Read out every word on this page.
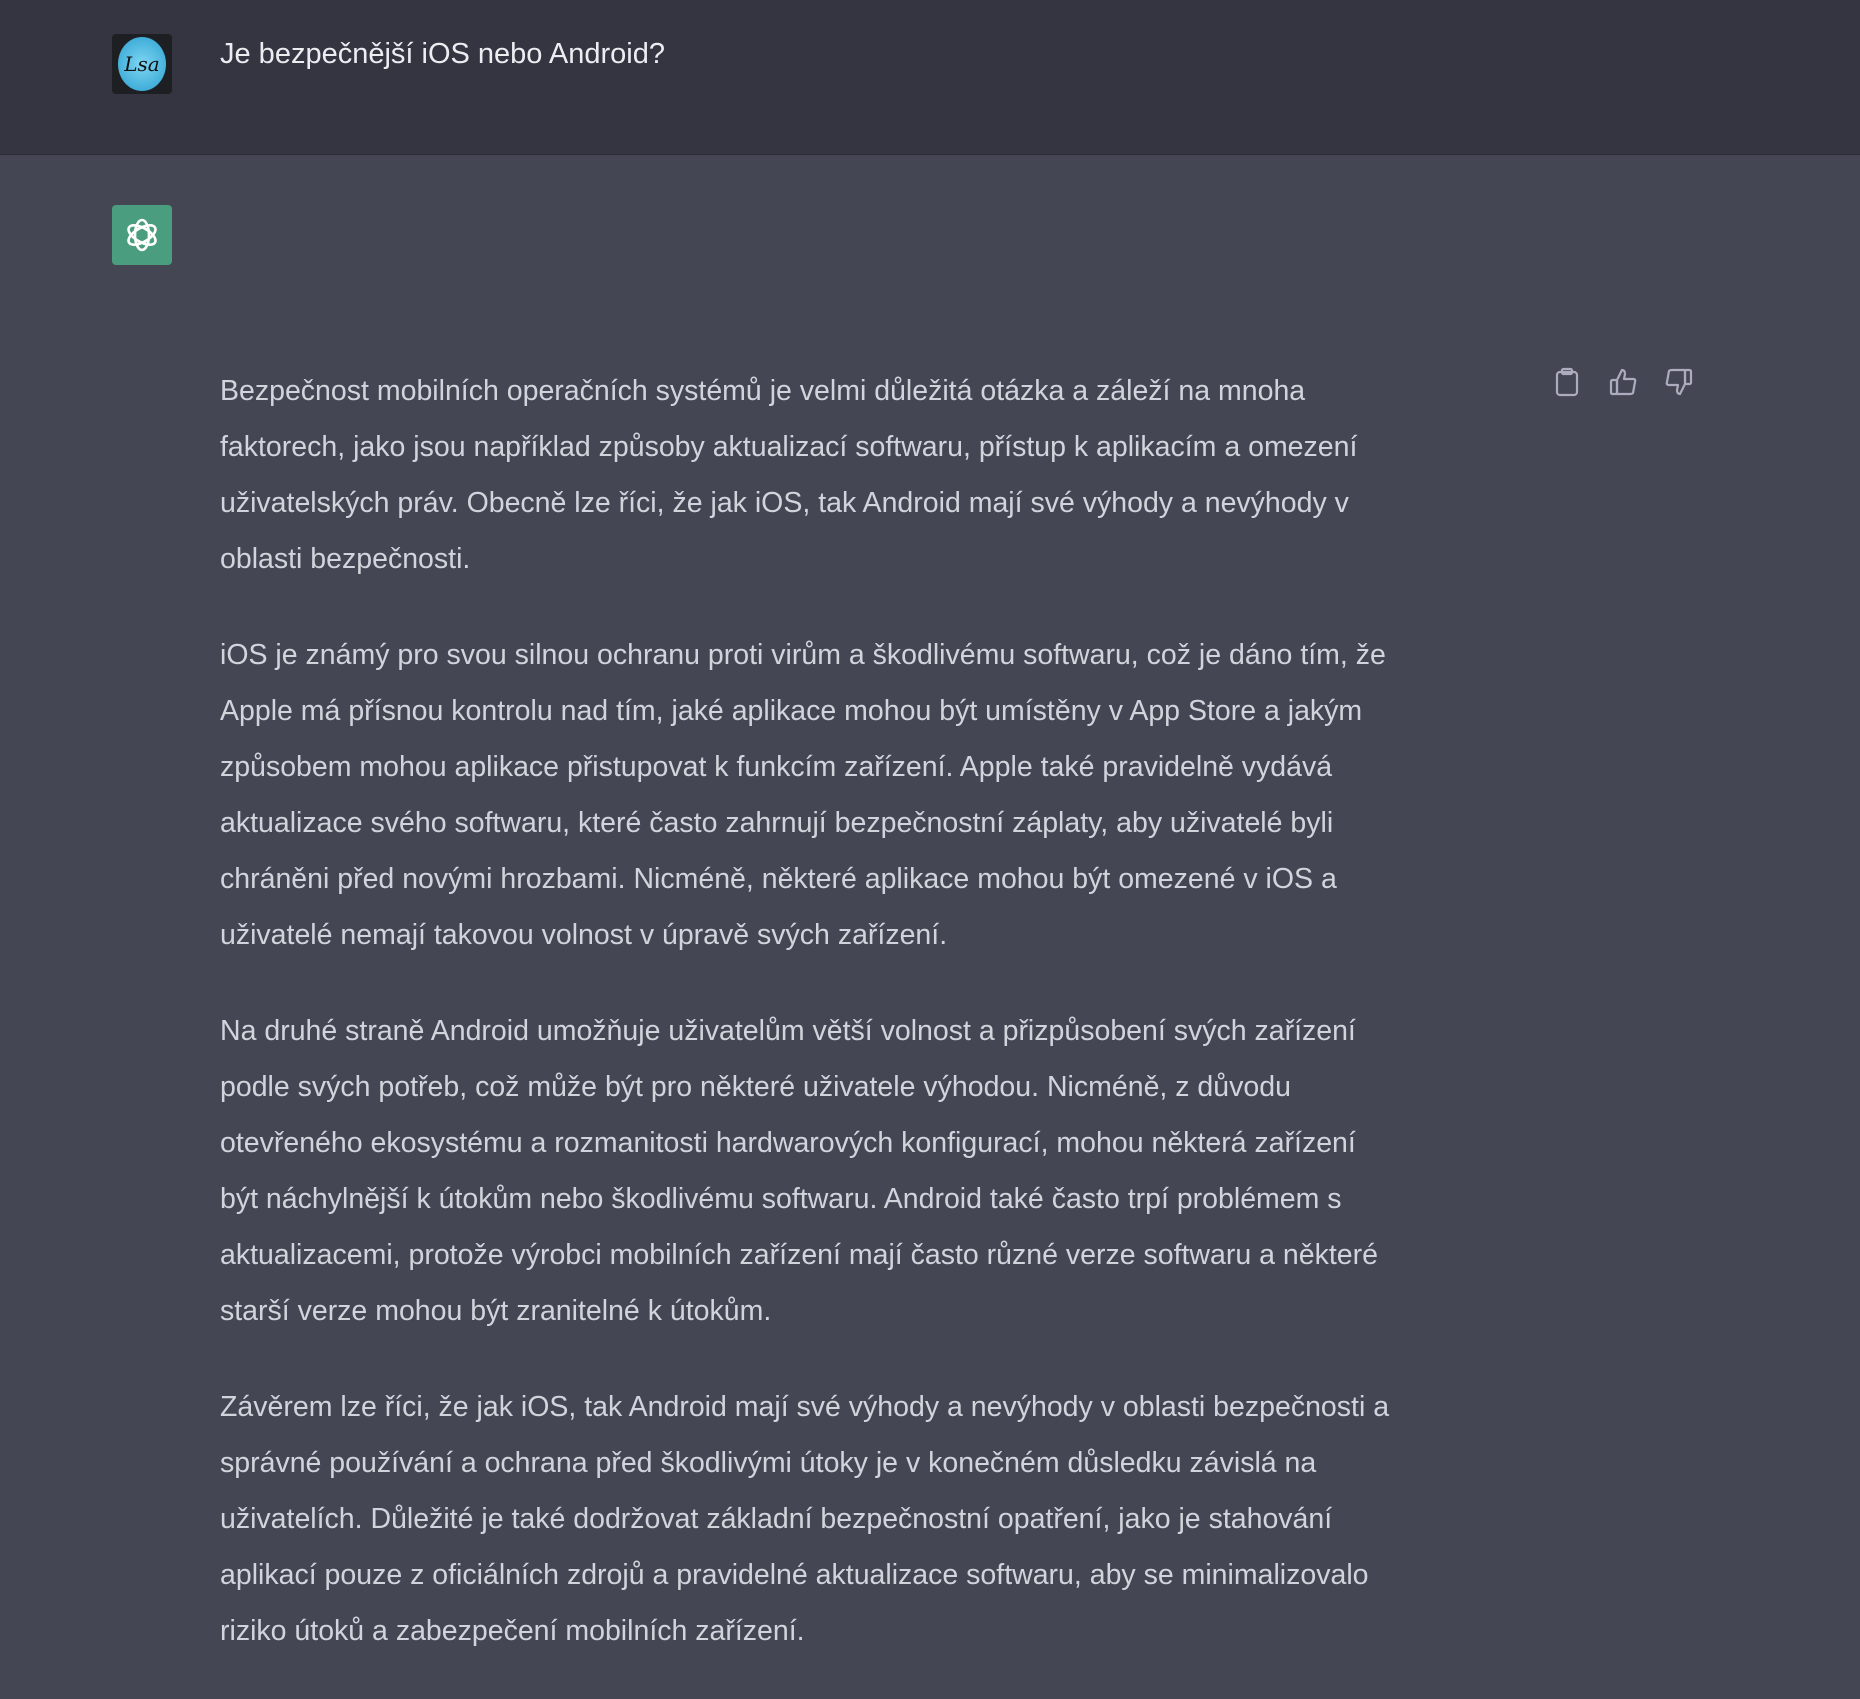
Lsa Je bezpečnější iOS nebo Android?

Bezpečnost mobilních operačních systémů je velmi důležitá otázka a záleží na mnoha
faktorech, jako jsou například způsoby aktualizací softwaru, přístup k aplikacím a omezení
uživatelských práv. Obecně lze říci, že jak iOS, tak Android mají své výhody a nevýhody v
oblasti bezpečnosti.

iOS je známý pro svou silnou ochranu proti virům a škodlivému softwaru, což je dáno tím, že
Apple má přísnou kontrolu nad tím, jaké aplikace mohou být umístěny v App Store a jakým
způsobem mohou aplikace přistupovat k funkcím zařízení. Apple také pravidelně vydává
aktualizace svého softwaru, které často zahrnují bezpečnostní záplaty, aby uživatelé byli
chráněni před novými hrozbami. Nicméně, některé aplikace mohou být omezené v iOS a
uživatelé nemají takovou volnost v úpravě svých zařízení.

Na druhé straně Android umožňuje uživatelům větší volnost a přizpůsobení svých zařízení
podle svých potřeb, což může být pro některé uživatele výhodou. Nicméně, z důvodu
otevřeného ekosystému a rozmanitosti hardwarových konfigurací, mohou některá zařízení
být náchylnější k útokům nebo škodlivému softwaru. Android také často trpí problémem s
aktualizacemi, protože výrobci mobilních zařízení mají často různé verze softwaru a některé
starší verze mohou být zranitelné k útokům.

Závěrem lze říci, že jak iOS, tak Android mají své výhody a nevýhody v oblasti bezpečnosti a
správné používání a ochrana před škodlivými útoky je v konečném důsledku závislá na
uživatelích. Důležité je také dodržovat základní bezpečnostní opatření, jako je stahování
aplikací pouze z oficiálních zdrojů a pravidelné aktualizace softwaru, aby se minimalizovalo
riziko útoků a zabezpečení mobilních zařízení.
